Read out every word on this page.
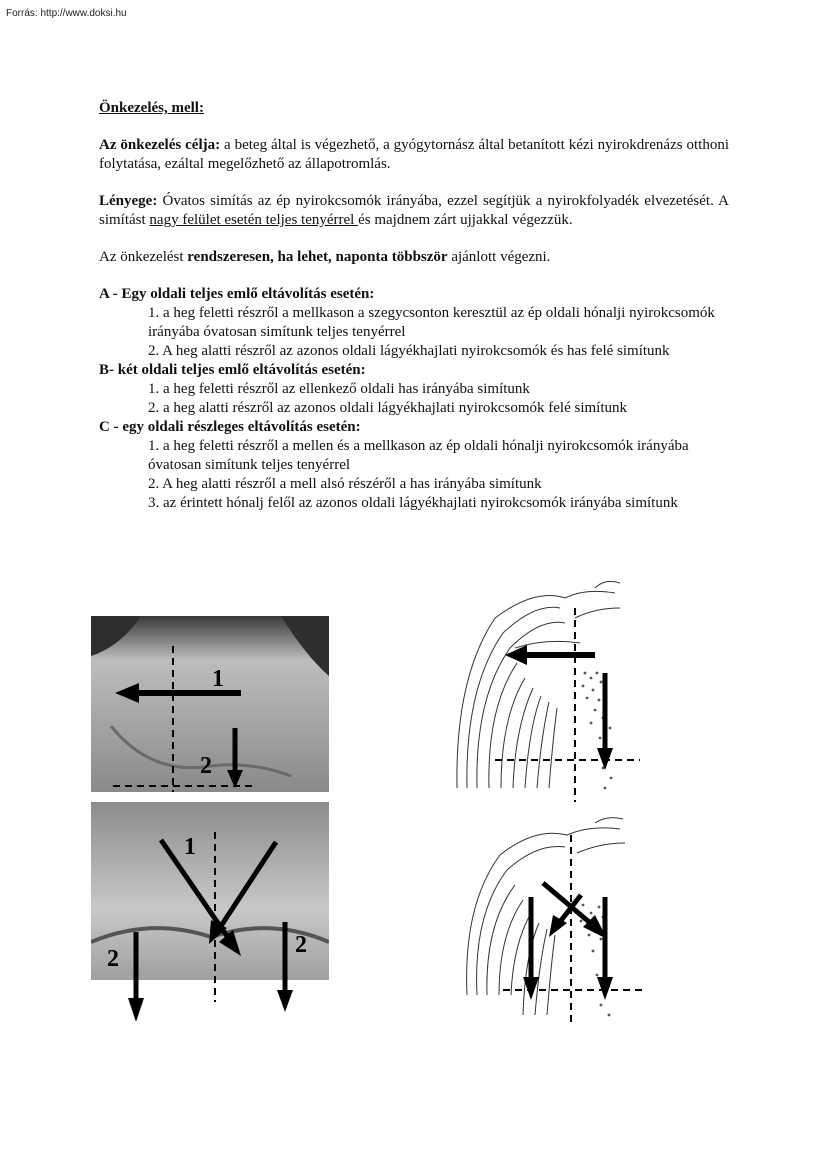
Forrás: http://www.doksi.hu
Önkezelés, mell:

Az önkezelés célja: a beteg által is végezhető, a gyógytornász által betanított kézi nyirokdrenázs otthoni folytatása, ezáltal megelőzhető az állapotromlás.

Lényege: Óvatos simítás az ép nyirokcsomók irányába, ezzel segítjük a nyirokfolyadék elvezetését. A simítást nagy felület esetén teljes tenyérrel és majdnem zárt ujjakkal végezzük.

Az önkezelést rendszeresen, ha lehet, naponta többször ajánlott végezni.

A - Egy oldali teljes emlő eltávolítás esetén:
1. a heg feletti részről a mellkason a szegycsonton keresztül az ép oldali hónalji nyirokcsomók irányába óvatosan simítunk teljes tenyérrel
2. A heg alatti részről az azonos oldali lágyékhajlati nyirokcsomók és has felé simítunk
B- két oldali teljes emlő eltávolítás esetén:
1. a heg feletti részről az ellenkező oldali has irányába simítunk
2. a heg alatti részről az azonos oldali lágyékhajlati nyirokcsomók felé simítunk
C - egy oldali részleges eltávolítás esetén:
1. a heg feletti részről a mellen és a mellkason az ép oldali hónalji nyirokcsomók irányába óvatosan simítunk teljes tenyérrel
2. A heg alatti részről a mell alsó részéről a has irányába simítunk
3. az érintett hónalj felől az azonos oldali lágyékhajlati nyirokcsomók irányába simítunk
1
2
1
2
2
